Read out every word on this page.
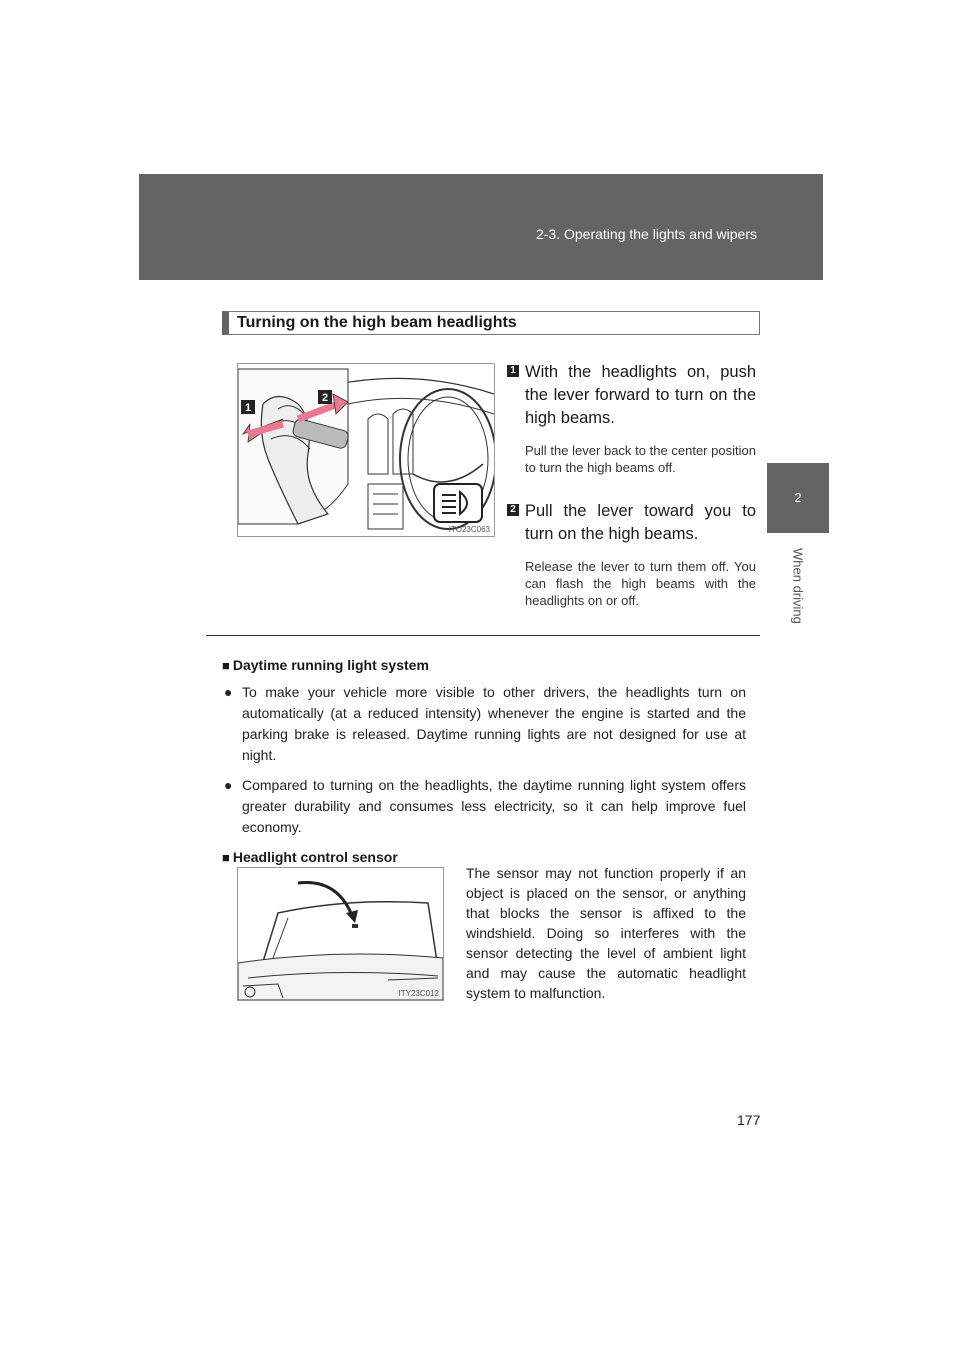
2-3. Operating the lights and wipers
2
When driving
Turning on the high beam headlights
1
2
ITO23C063
1 With the headlights on, push the lever forward to turn on the high beams.
Pull the lever back to the center position to turn the high beams off.
2 Pull the lever toward you to turn on the high beams.
Release the lever to turn them off. You can flash the high beams with the headlights on or off.
■ Daytime running light system
● To make your vehicle more visible to other drivers, the headlights turn on automatically (at a reduced intensity) whenever the engine is started and the parking brake is released. Daytime running lights are not designed for use at night.
● Compared to turning on the headlights, the daytime running light system offers greater durability and consumes less electricity, so it can help improve fuel economy.
■ Headlight control sensor
ITY23C012
The sensor may not function properly if an object is placed on the sensor, or anything that blocks the sensor is affixed to the windshield. Doing so interferes with the sensor detecting the level of ambient light and may cause the automatic headlight system to malfunction.
177
